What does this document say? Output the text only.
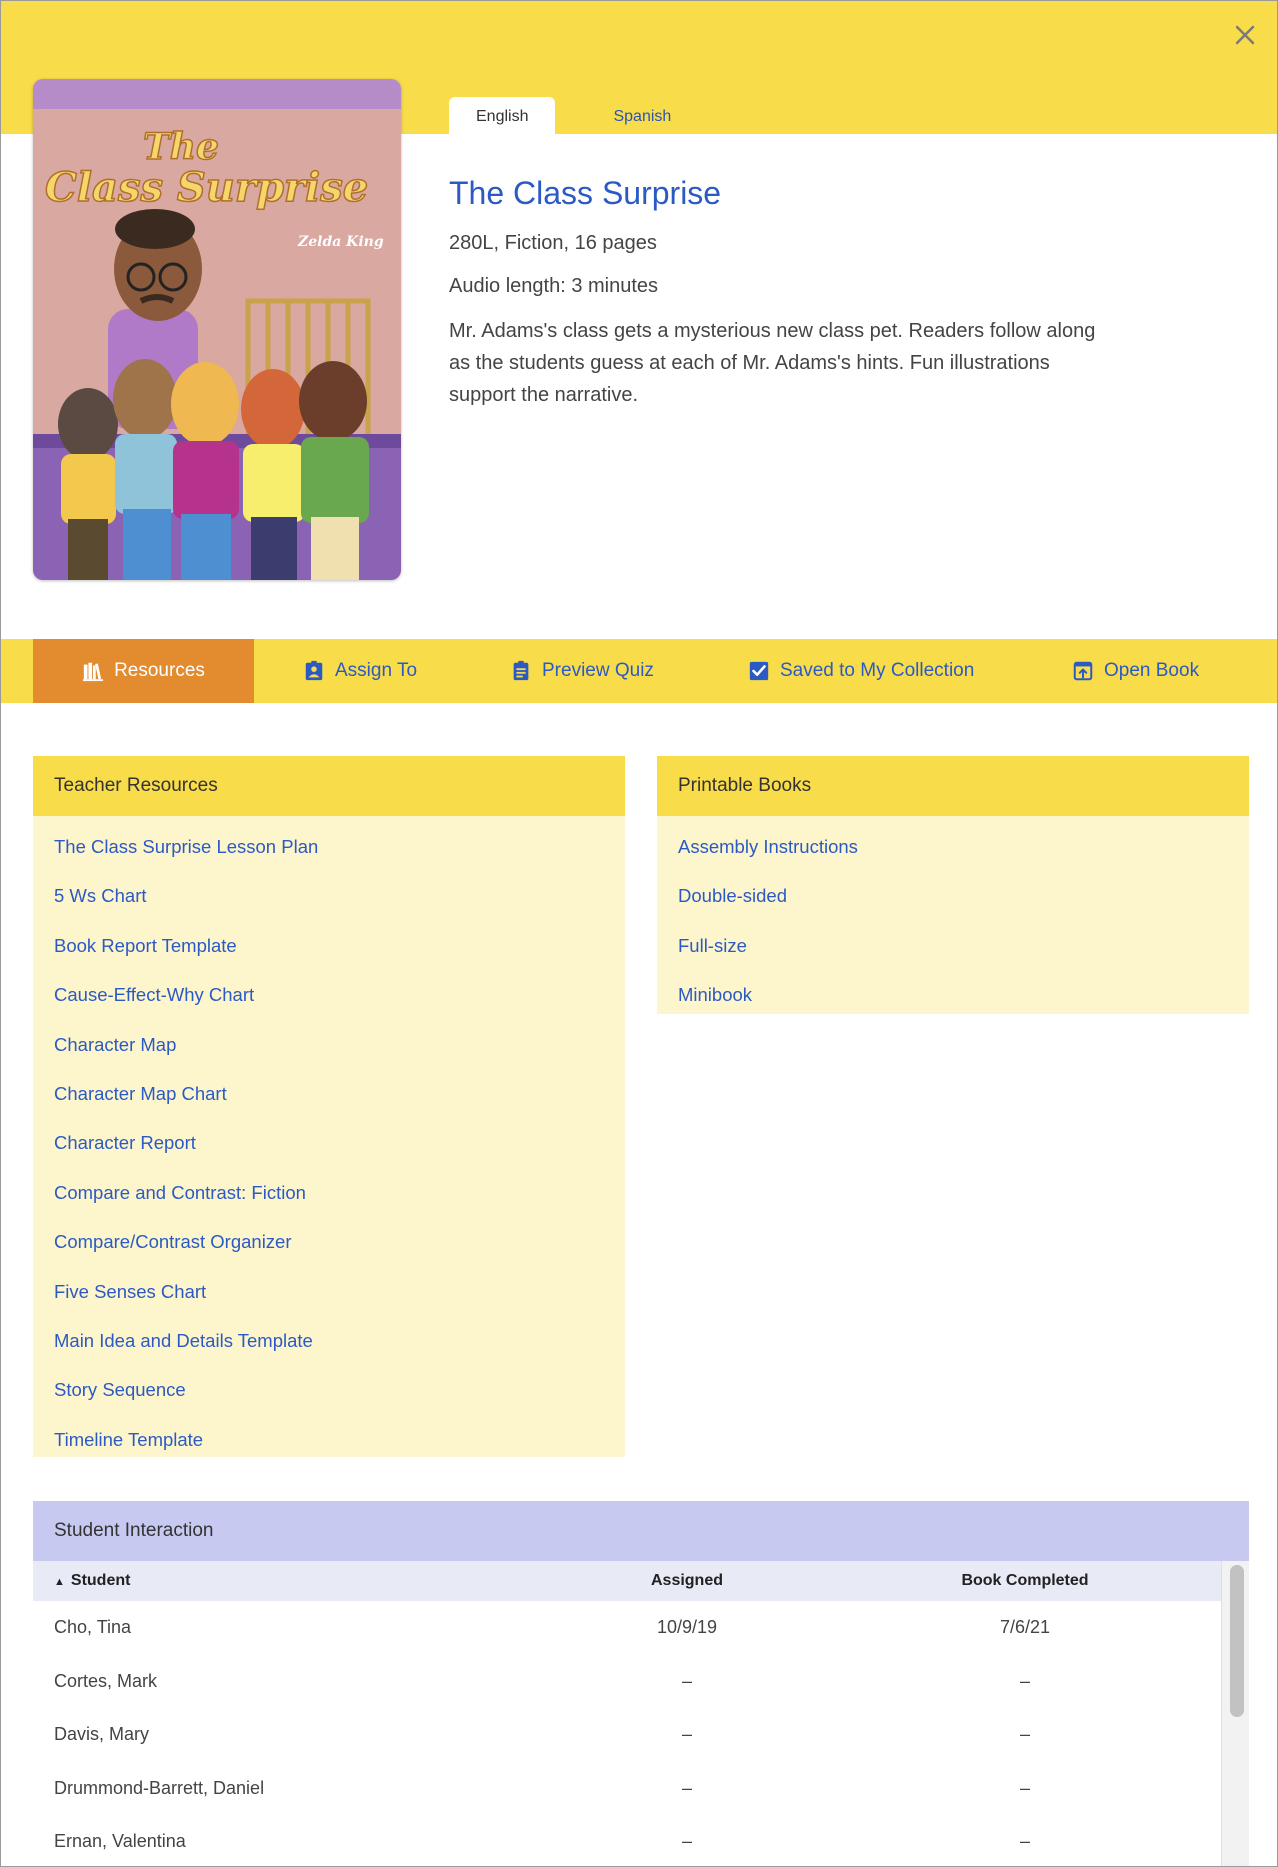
The
Class Surprise
Zelda King
English	Spanish
The Class Surprise
280L, Fiction, 16 pages
Audio length: 3 minutes

Mr. Adams's class gets a mysterious new class pet. Readers follow along as the students guess at each of Mr. Adams's hints. Fun illustrations support the narrative.

Resources	Assign To	Preview Quiz	Saved to My Collection	Open Book
Teacher Resources
The Class Surprise Lesson Plan
5 Ws Chart
Book Report Template
Cause-Effect-Why Chart
Character Map
Character Map Chart
Character Report
Compare and Contrast: Fiction
Compare/Contrast Organizer
Five Senses Chart
Main Idea and Details Template
Story Sequence
Timeline Template
Printable Books
Assembly Instructions
Double-sided
Full-size
Minibook
Student Interaction
▲ Student	Assigned	Book Completed
Cho, Tina	10/9/19	7/6/21
Cortes, Mark	–	–
Davis, Mary	–	–
Drummond-Barrett, Daniel	–	–
Ernan, Valentina	–	–
